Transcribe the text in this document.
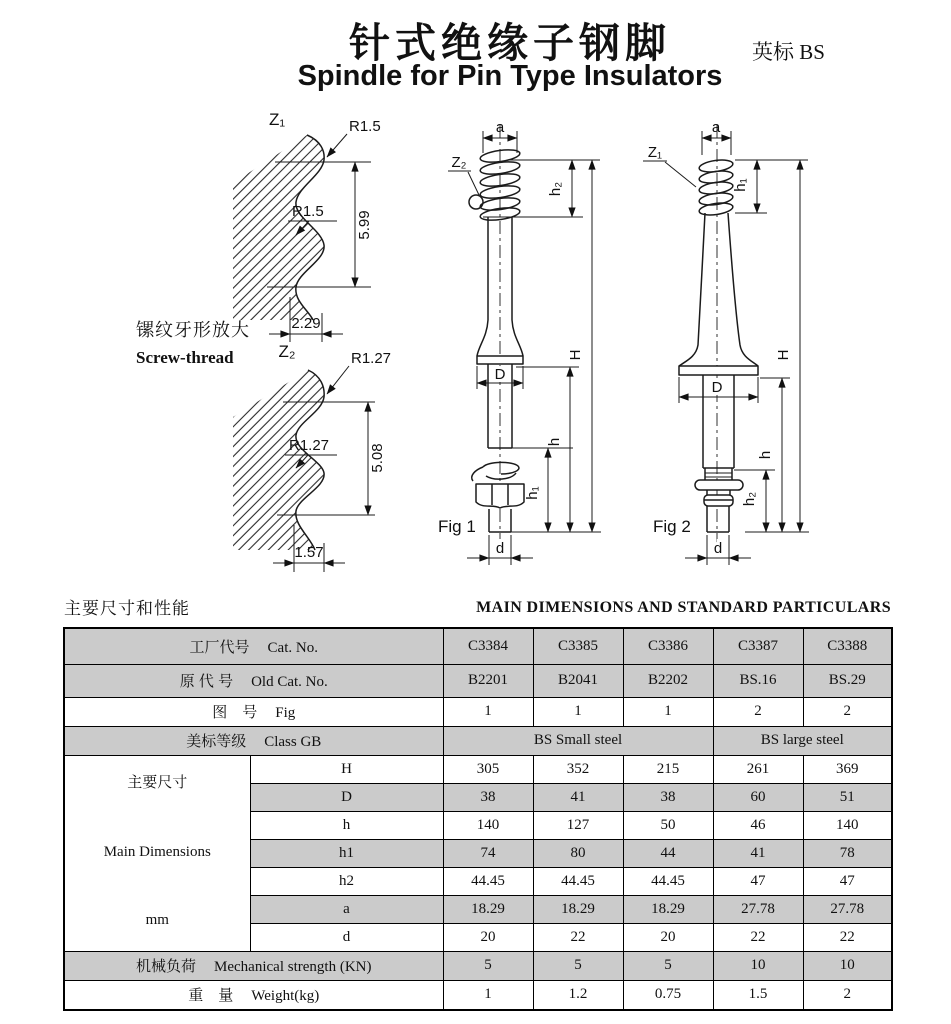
针式绝缘子钢脚
Spindle for Pin Type Insulators
英标 BS
Z₁
5.99
R1.5
R1.5
2.29
Z₂
5.08
R1.27
R1.27
1.57
a
Z₂
h₂
H
D
h
h₁
d
Fig 1
a
Z₁
h₁
H
D
h
h₂
d
Fig 2
镙纹牙形放大
Screw-thread
主要尺寸和性能	MAIN DIMENSIONS AND STANDARD PARTICULARS
工厂代号 Cat. No.		C3384	C3385	C3386	C3387	C3388
原 代 号 Old Cat. No.		B2201	B2041	B2202	BS.16	BS.29
图　号 Fig		1	1	1	2	2
美标等级 Class GB		BS Small steel			BS large steel	

主要尺寸
Main Dimensions
mm	H	305	352	215	261	369
	D	38	41	38	60	51
	h	140	127	50	46	140
	h1	74	80	44	41	78
	h2	44.45	44.45	44.45	47	47
	a	18.29	18.29	18.29	27.78	27.78
	d	20	22	20	22	22
机械负荷 Mechanical strength (KN)		5	5	5	10	10
重　量 Weight(kg)		1	1.2	0.75	1.5	2
